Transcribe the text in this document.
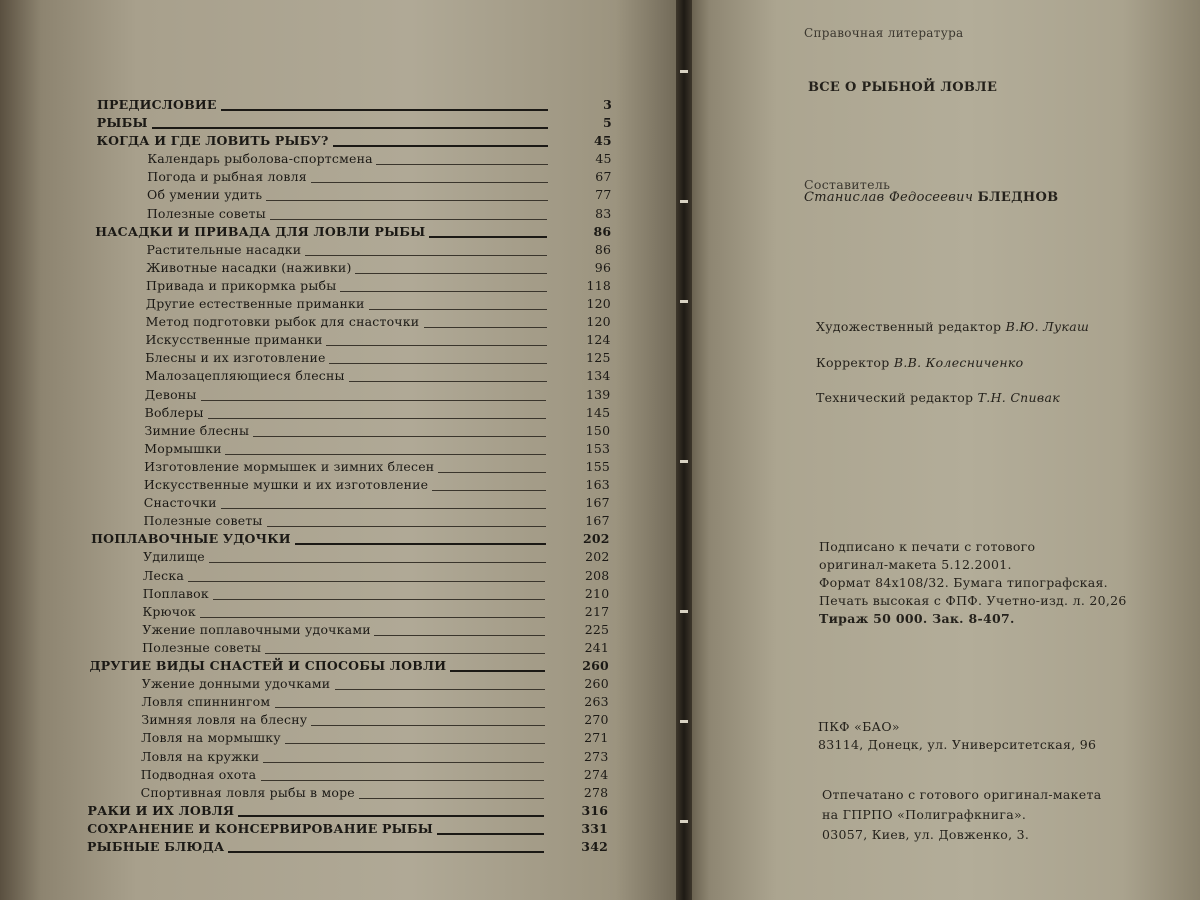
ПРЕДИСЛОВИЕ	3
РЫБЫ	5
КОГДА И ГДЕ ЛОВИТЬ РЫБУ?	45
Календарь рыболова-спортсмена	45
Погода и рыбная ловля	67
Об умении удить	77
Полезные советы	83
НАСАДКИ И ПРИВАДА ДЛЯ ЛОВЛИ РЫБЫ	86
Растительные насадки	86
Животные насадки (наживки)	96
Привада и прикормка рыбы	118
Другие естественные приманки	120
Метод подготовки рыбок для снасточки	120
Искусственные приманки	124
Блесны и их изготовление	125
Малозацепляющиеся блесны	134
Девоны	139
Воблеры	145
Зимние блесны	150
Мормышки	153
Изготовление мормышек и зимних блесен	155
Искусственные мушки и их изготовление	163
Снасточки	167
Полезные советы	167
ПОПЛАВОЧНЫЕ УДОЧКИ	202
Удилище	202
Леска	208
Поплавок	210
Крючок	217
Ужение поплавочными удочками	225
Полезные советы	241
ДРУГИЕ ВИДЫ СНАСТЕЙ И СПОСОБЫ ЛОВЛИ	260
Ужение донными удочками	260
Ловля спиннингом	263
Зимняя ловля на блесну	270
Ловля на мормышку	271
Ловля на кружки	273
Подводная охота	274
Спортивная ловля рыбы в море	278
РАКИ И ИХ ЛОВЛЯ	316
СОХРАНЕНИЕ И КОНСЕРВИРОВАНИЕ РЫБЫ	331
РЫБНЫЕ БЛЮДА	342
Справочная литература
ВСЕ О РЫБНОЙ ЛОВЛЕ
Составитель
Станислав Федосеевич БЛЕДНОВ
Художественный редактор В.Ю. Лукаш
Корректор В.В. Колесниченко
Технический редактор Т.Н. Спивак
Подписано к печати с готового
оригинал-макета 5.12.2001.
Формат 84x108/32. Бумага типографская.
Печать высокая с ФПФ. Учетно-изд. л. 20,26
Тираж 50 000. Зак. 8-407.
ПКФ «БАО»
83114, Донецк, ул. Университетская, 96
Отпечатано с готового оригинал-макета
на ГПРПО «Полиграфкнига».
03057, Киев, ул. Довженко, 3.
